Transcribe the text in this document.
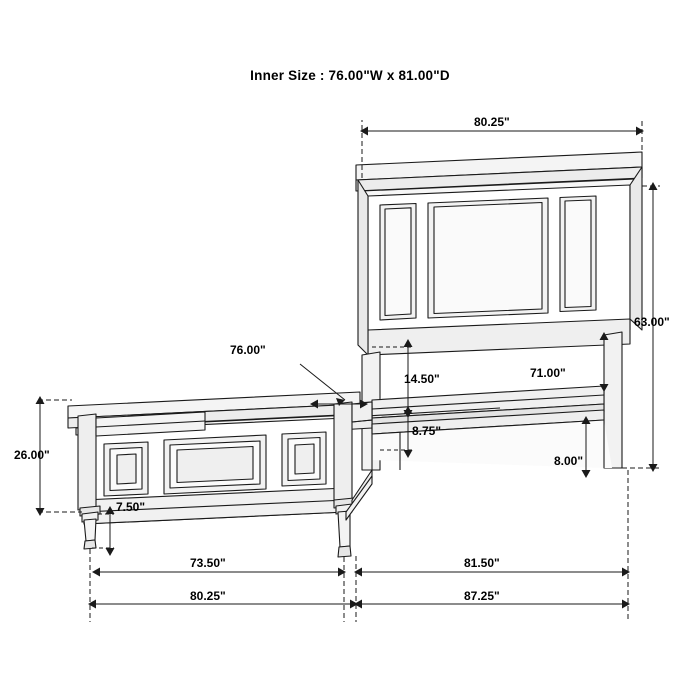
Inner Size : 76.00"W x 81.00"D
80.25"
63.00"
71.00"
76.00"
14.50"
8.75"
8.00"
26.00"
7.50"
73.50"	81.50"
80.25"	87.25"
